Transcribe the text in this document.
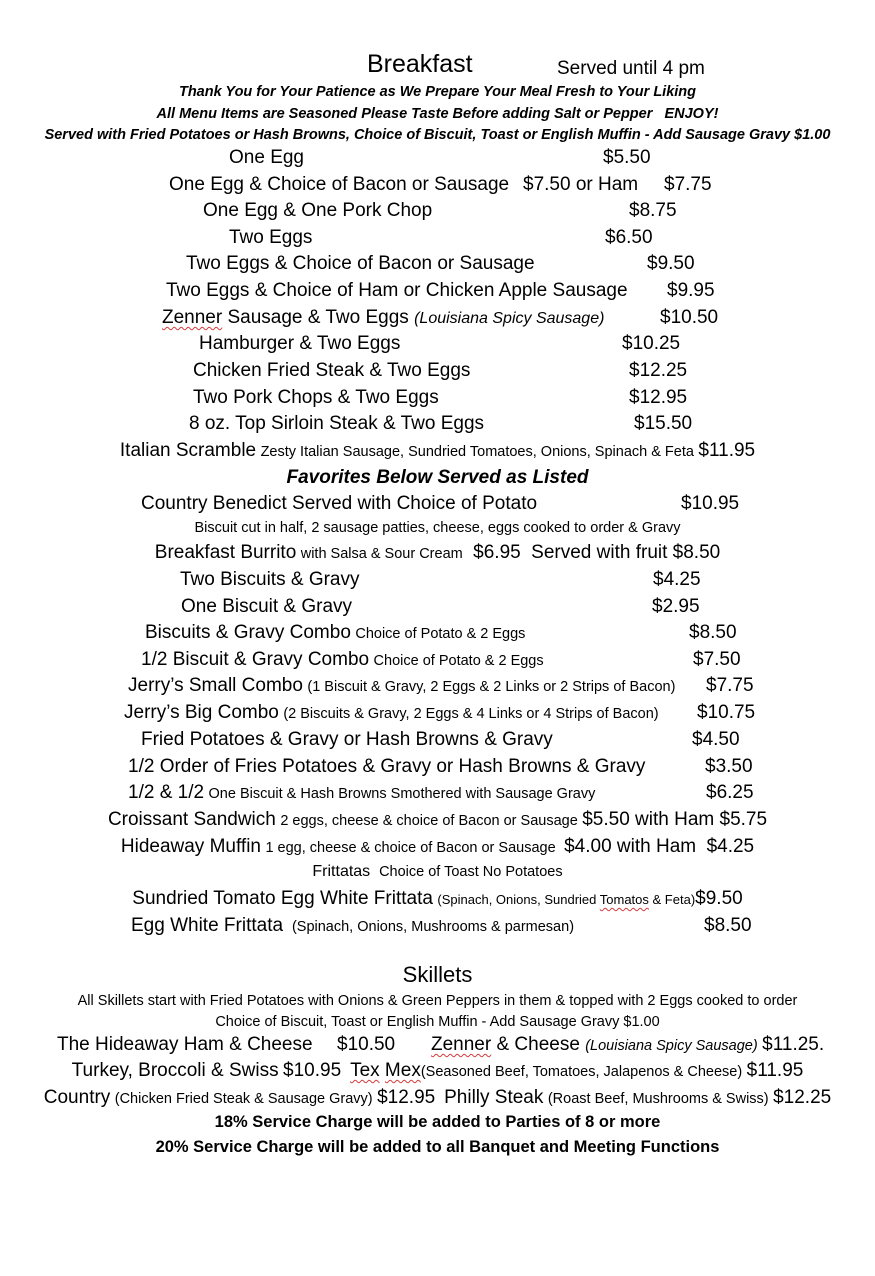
Breakfast	Served until 4 pm
Thank You for Your Patience as We Prepare Your Meal Fresh to Your Liking
All Menu Items are Seasoned Please Taste Before adding Salt or Pepper ENJOY!
Served with Fried Potatoes or Hash Browns, Choice of Biscuit, Toast or English Muffin - Add Sausage Gravy $1.00
One Egg	$5.50
One Egg & Choice of Bacon or Sausage $7.50 or Ham $7.75
One Egg & One Pork Chop	$8.75
Two Eggs	$6.50
Two Eggs & Choice of Bacon or Sausage	$9.50
Two Eggs & Choice of Ham or Chicken Apple Sausage $9.95
Zenner Sausage & Two Eggs (Louisiana Spicy Sausage)	$10.50
Hamburger & Two Eggs	$10.25
Chicken Fried Steak & Two Eggs	$12.25
Two Pork Chops & Two Eggs	$12.95
8 oz. Top Sirloin Steak & Two Eggs	$15.50
Italian Scramble Zesty Italian Sausage, Sundried Tomatoes, Onions, Spinach & Feta $11.95
Favorites Below Served as Listed
Country Benedict Served with Choice of Potato	$10.95
Biscuit cut in half, 2 sausage patties, cheese, eggs cooked to order & Gravy
Breakfast Burrito with Salsa & Sour Cream $6.95 Served with fruit $8.50
Two Biscuits & Gravy	$4.25
One Biscuit & Gravy	$2.95
Biscuits & Gravy Combo Choice of Potato & 2 Eggs	$8.50
1/2 Biscuit & Gravy Combo Choice of Potato & 2 Eggs	$7.50
Jerry’s Small Combo (1 Biscuit & Gravy, 2 Eggs & 2 Links or 2 Strips of Bacon) $7.75
Jerry’s Big Combo (2 Biscuits & Gravy, 2 Eggs & 4 Links or 4 Strips of Bacon) $10.75
Fried Potatoes & Gravy or Hash Browns & Gravy	$4.50
1/2 Order of Fries Potatoes & Gravy or Hash Browns & Gravy	$3.50
1/2 & 1/2 One Biscuit & Hash Browns Smothered with Sausage Gravy	$6.25
Croissant Sandwich 2 eggs, cheese & choice of Bacon or Sausage $5.50 with Ham $5.75
Hideaway Muffin 1 egg, cheese & choice of Bacon or Sausage $4.00 with Ham $4.25
Frittatas Choice of Toast No Potatoes
Sundried Tomato Egg White Frittata (Spinach, Onions, Sundried Tomatos & Feta)$9.50
Egg White Frittata (Spinach, Onions, Mushrooms & parmesan)	$8.50
Skillets
All Skillets start with Fried Potatoes with Onions & Green Peppers in them & topped with 2 Eggs cooked to order
Choice of Biscuit, Toast or English Muffin - Add Sausage Gravy $1.00
The Hideaway Ham & Cheese $10.50 Zenner & Cheese (Louisiana Spicy Sausage) $11.25.
Turkey, Broccoli & Swiss $10.95 Tex Mex(Seasoned Beef, Tomatoes, Jalapenos & Cheese) $11.95
Country (Chicken Fried Steak & Sausage Gravy) $12.95 Philly Steak (Roast Beef, Mushrooms & Swiss) $12.25
18% Service Charge will be added to Parties of 8 or more
20% Service Charge will be added to all Banquet and Meeting Functions
